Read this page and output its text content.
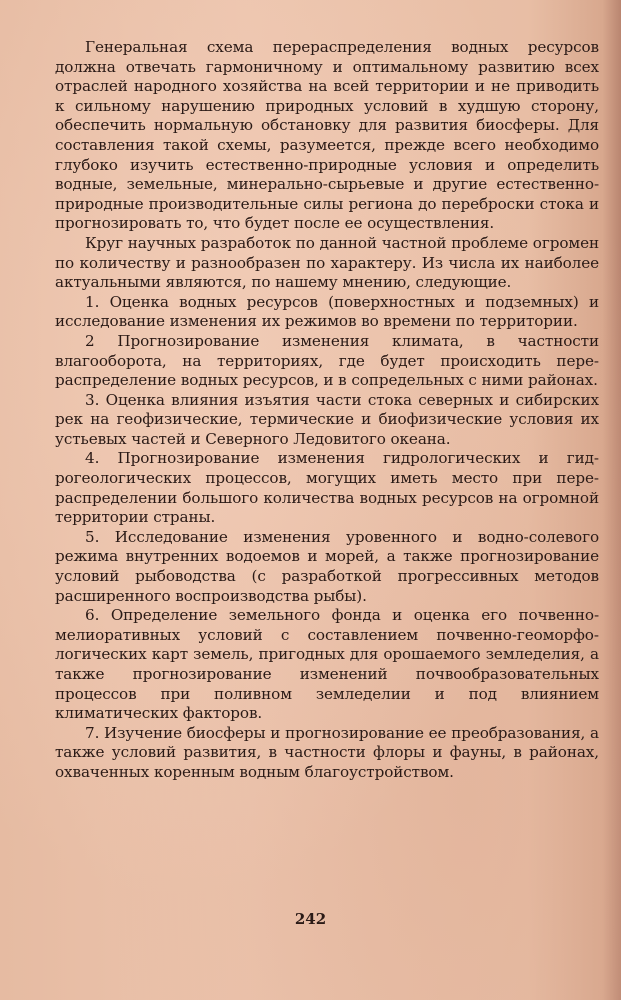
Генеральная схема перераспределения водных ресурсов должна отвечать гармоничному и оптимальному развитию всех отраслей народного хозяйства на всей территории и не приводить к сильному нарушению природных условий в худшую сторону, обеспечить нормальную обстановку для развития биосферы. Для составления такой схемы, разумеется, прежде всего необходимо глубоко изучить естественно-природные условия и определить водные, земельные, минерально-сырьевые и другие естественно-природные производительные силы региона до переброски стока и прогнозировать то, что будет после ее осуществления.

Круг научных разработок по данной частной проблеме огромен по количеству и разнообразен по характеру. Из числа их наиболее актуальными являются, по нашему мнению, следующие.

1. Оценка водных ресурсов (поверхностных и подземных) и исследование изменения их режимов во времени по территории.

2 Прогнозирование изменения климата, в частности влагооборота, на территориях, где будет происходить перераспределение водных ресурсов, и в сопредельных с ними районах.

3. Оценка влияния изъятия части стока северных и сибирских рек на геофизические, термические и биофизические условия их устьевых частей и Северного Ледовитого океана.

4. Прогнозирование изменения гидрологических и гидрогеологических процессов, могущих иметь место при перераспределении большого количества водных ресурсов на огромной территории страны.

5. Исследование изменения уровенного и водно-солевого режима внутренних водоемов и морей, а также прогнозирование условий рыбоводства (с разработкой прогрессивных методов расширенного воспроизводства рыбы).

6. Определение земельного фонда и оценка его почвенно-мелиоративных условий с составлением почвенно-геоморфологических карт земель, пригодных для орошаемого земледелия, а также прогнозирование изменений почвообразовательных процессов при поливном земледелии и под влиянием климатических факторов.

7. Изучение биосферы и прогнозирование ее преобразования, а также условий развития, в частности флоры и фауны, в районах, охваченных коренным водным благоустройством.

242
